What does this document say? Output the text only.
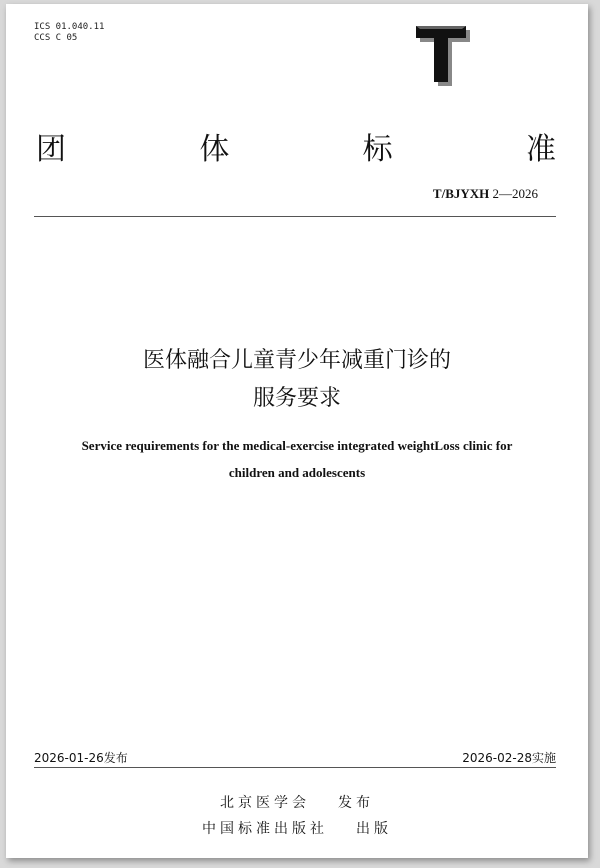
ICS 01.040.11
CCS C 05
团	体	标	准
T/BJYXH 2—2026
医体融合儿童青少年减重门诊的
服务要求
Service requirements for the medical-exercise integrated weightLoss clinic for
children and adolescents
2026-01-26发布	2026-02-28实施
北京医学会 发布
中国标准出版社 出版
